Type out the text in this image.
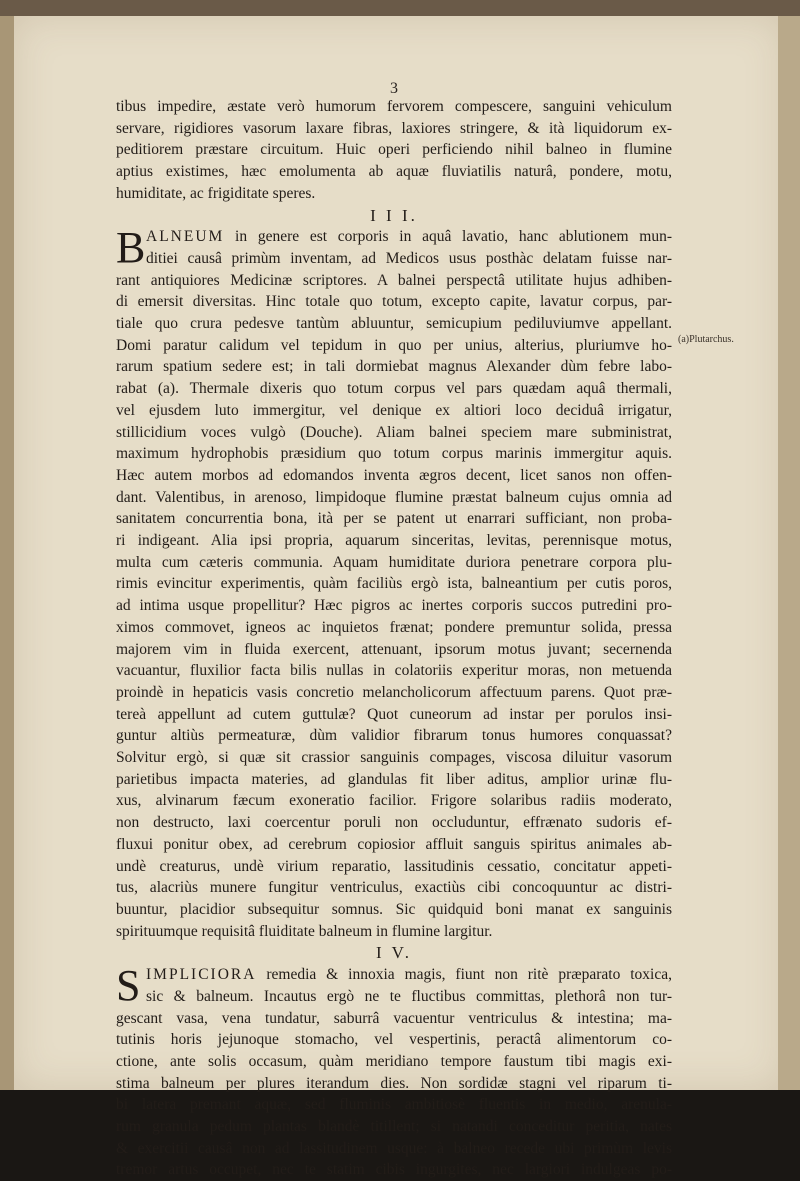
3
(a)Plutarchus.
tibus impedire, æstate verò humorum fervorem compescere, sanguini vehiculum
servare, rigidiores vasorum laxare fibras, laxiores stringere, & ità liquidorum ex-
peditiorem præstare circuitum. Huic operi perficiendo nihil balneo in flumine
aptius existimes, hæc emolumenta ab aquæ fluviatilis naturâ, pondere, motu,
humiditate, ac frigiditate speres.
I I I.
B ALNEUM in genere est corporis in aquâ lavatio, hanc ablutionem mun-
ditiei causâ primùm inventam, ad Medicos usus posthàc delatam fuisse nar-
rant antiquiores Medicinæ scriptores. A balnei perspectâ utilitate hujus adhiben-
di emersit diversitas. Hinc totale quo totum, excepto capite, lavatur corpus, par-
tiale quo crura pedesve tantùm abluuntur, semicupium pediluviumve appellant.
Domi paratur calidum vel tepidum in quo per unius, alterius, pluriumve ho-
rarum spatium sedere est; in tali dormiebat magnus Alexander dùm febre labo-
rabat (a). Thermale dixeris quo totum corpus vel pars quædam aquâ thermali,
vel ejusdem luto immergitur, vel denique ex altiori loco deciduâ irrigatur,
stillicidium voces vulgò (Douche). Aliam balnei speciem mare subministrat,
maximum hydrophobis præsidium quo totum corpus marinis immergitur aquis.
Hæc autem morbos ad edomandos inventa ægros decent, licet sanos non offen-
dant. Valentibus, in arenoso, limpidoque flumine præstat balneum cujus omnia ad
sanitatem concurrentia bona, ità per se patent ut enarrari sufficiant, non proba-
ri indigeant. Alia ipsi propria, aquarum sinceritas, levitas, perennisque motus,
multa cum cæteris communia. Aquam humiditate duriora penetrare corpora plu-
rimis evincitur experimentis, quàm faciliùs ergò ista, balneantium per cutis poros,
ad intima usque propellitur? Hæc pigros ac inertes corporis succos putredini pro-
ximos commovet, igneos ac inquietos frænat; pondere premuntur solida, pressa
majorem vim in fluida exercent, attenuant, ipsorum motus juvant; secernenda
vacuantur, fluxilior facta bilis nullas in colatoriis experitur moras, non metuenda
proindè in hepaticis vasis concretio melancholicorum affectuum parens. Quot præ-
tereà appellunt ad cutem guttulæ? Quot cuneorum ad instar per porulos insi-
guntur altiùs permeaturæ, dùm validior fibrarum tonus humores conquassat?
Solvitur ergò, si quæ sit crassior sanguinis compages, viscosa diluitur vasorum
parietibus impacta materies, ad glandulas fit liber aditus, amplior urinæ flu-
xus, alvinarum fæcum exoneratio facilior. Frigore solaribus radiis moderato,
non destructo, laxi coercentur poruli non occluduntur, effrænato sudoris ef-
fluxui ponitur obex, ad cerebrum copiosior affluit sanguis spiritus animales ab-
undè creaturus, undè virium reparatio, lassitudinis cessatio, concitatur appeti-
tus, alacriùs munere fungitur ventriculus, exactiùs cibi concoquuntur ac distri-
buuntur, placidior subsequitur somnus. Sic quidquid boni manat ex sanguinis
spirituumque requisitâ fluiditate balneum in flumine largitur.
I V.
S IMPLICIORA remedia & innoxia magis, fiunt non ritè præparato toxica,
sic & balneum. Incautus ergò ne te fluctibus committas, plethorâ non tur-
gescant vasa, vena tundatur, saburrâ vacuentur ventriculus & intestina; ma-
tutinis horis jejunoque stomacho, vel vespertinis, peractâ alimentorum co-
ctione, ante solis occasum, quàm meridiano tempore faustum tibi magis exi-
stima balneum per plures iterandum dies. Non sordidæ stagni vel riparum ti-
bi latera premant aquæ, sed fluminis ambitiosè fluentis in medio, arenula-
rum granula pedum plantas blandè titillent; si natandi conceditur peritia, nates
& exercitii causâ non ad lassitudinem usque: à balneo recede ubi primùm levis
tremor artus occupet, nec te statim cibis ingurgites, nec largiori indulgeas po-
